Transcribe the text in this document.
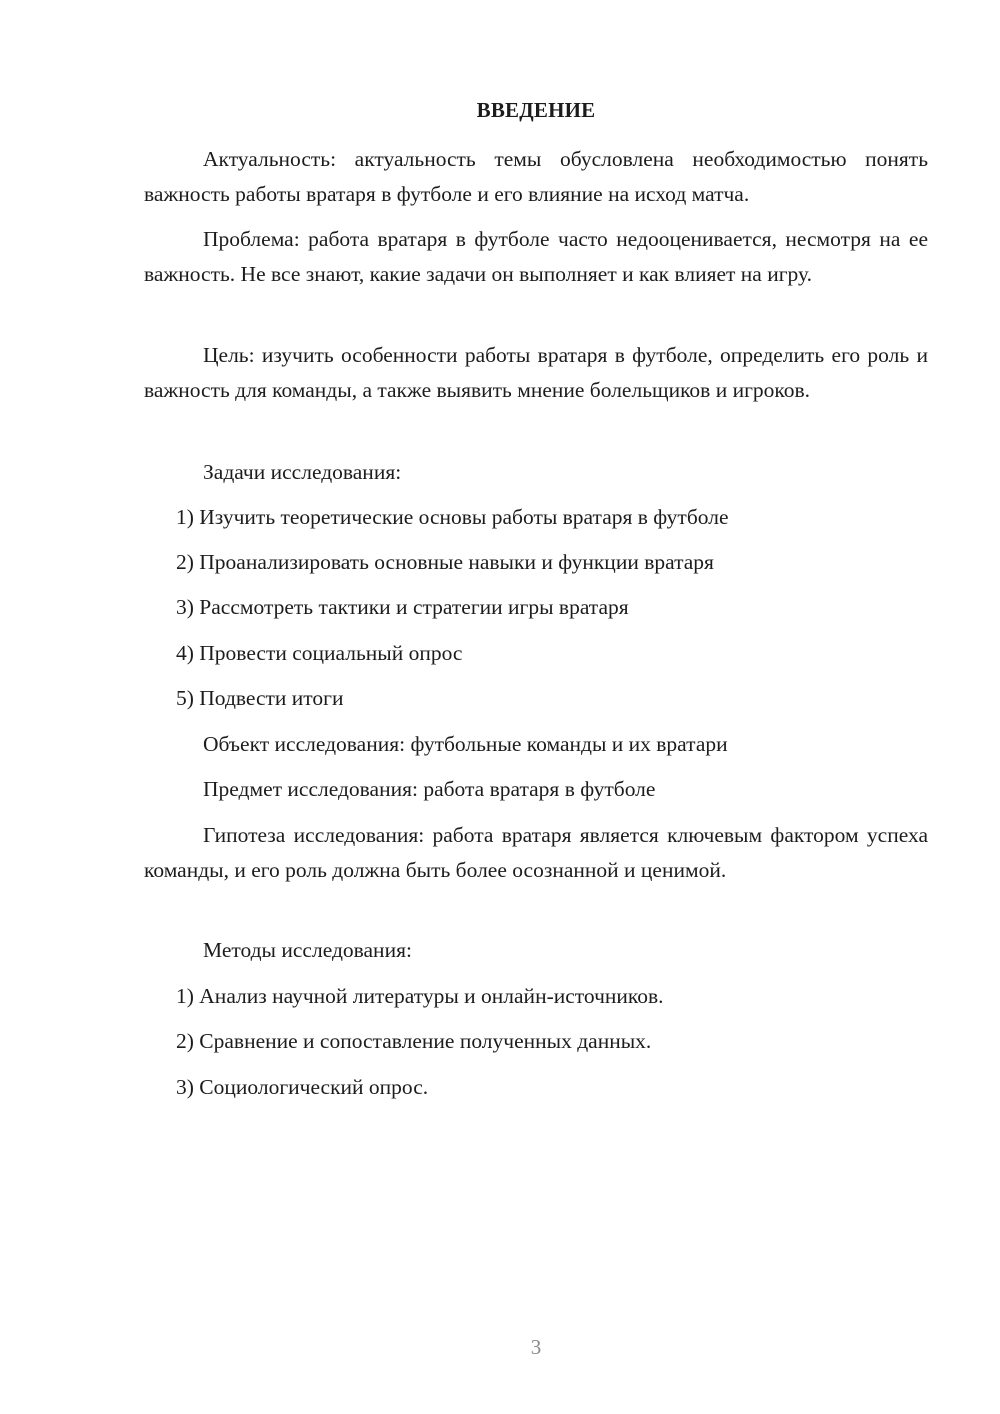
ВВЕДЕНИЕ
Актуальность: актуальность темы обусловлена необходимостью понять важность работы вратаря в футболе и его влияние на исход матча.
Проблема: работа вратаря в футболе часто недооценивается, несмотря на ее важность. Не все знают, какие задачи он выполняет и как влияет на игру.
Цель: изучить особенности работы вратаря в футболе, определить его роль и важность для команды, а также выявить мнение болельщиков и игроков.
Задачи исследования:
1) Изучить теоретические основы работы вратаря в футболе
2) Проанализировать основные навыки и функции вратаря
3) Рассмотреть тактики и стратегии игры вратаря
4) Провести социальный опрос
5) Подвести итоги
Объект исследования: футбольные команды и их вратари
Предмет исследования: работа вратаря в футболе
Гипотеза исследования: работа вратаря является ключевым фактором успеха команды, и его роль должна быть более осознанной и ценимой.
Методы исследования:
1) Анализ научной литературы и онлайн-источников.
2) Сравнение и сопоставление полученных данных.
3) Социологический опрос.
3
